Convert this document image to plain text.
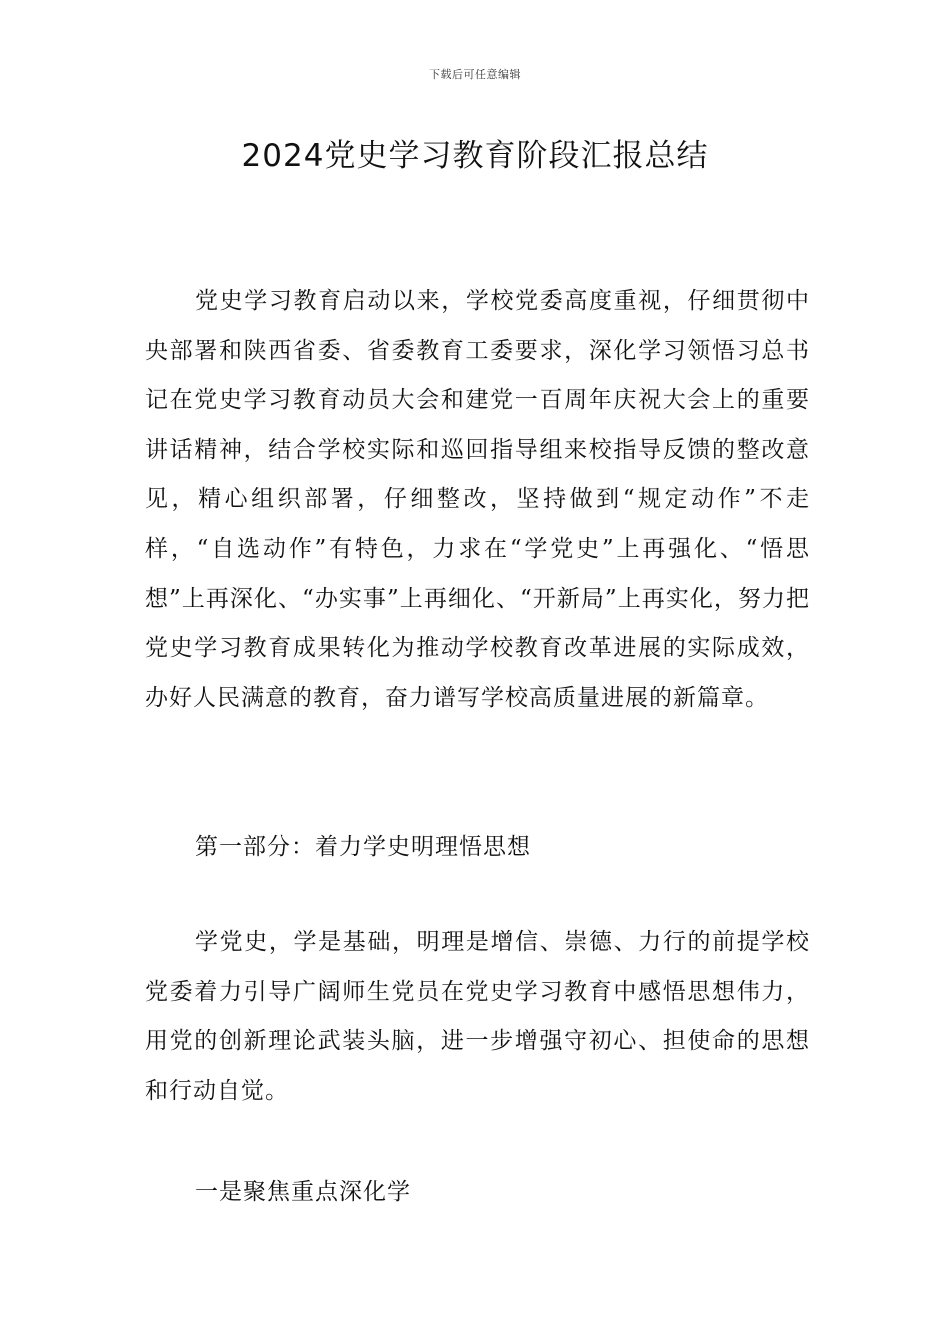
下载后可任意编辑
2024党史学习教育阶段汇报总结

党史学习教育启动以来，学校党委高度重视，仔细贯彻中央部署和陕西省委、省委教育工委要求，深化学习领悟习总书记在党史学习教育动员大会和建党一百周年庆祝大会上的重要讲话精神，结合学校实际和巡回指导组来校指导反馈的整改意见，精心组织部署，仔细整改，坚持做到“规定动作”不走样，“自选动作”有特色，力求在“学党史”上再强化、“悟思想”上再深化、“办实事”上再细化、“开新局”上再实化，努力把党史学习教育成果转化为推动学校教育改革进展的实际成效，办好人民满意的教育，奋力谱写学校高质量进展的新篇章。

第一部分：着力学史明理悟思想

学党史，学是基础，明理是增信、崇德、力行的前提学校党委着力引导广阔师生党员在党史学习教育中感悟思想伟力，用党的创新理论武装头脑，进一步增强守初心、担使命的思想和行动自觉。

一是聚焦重点深化学
